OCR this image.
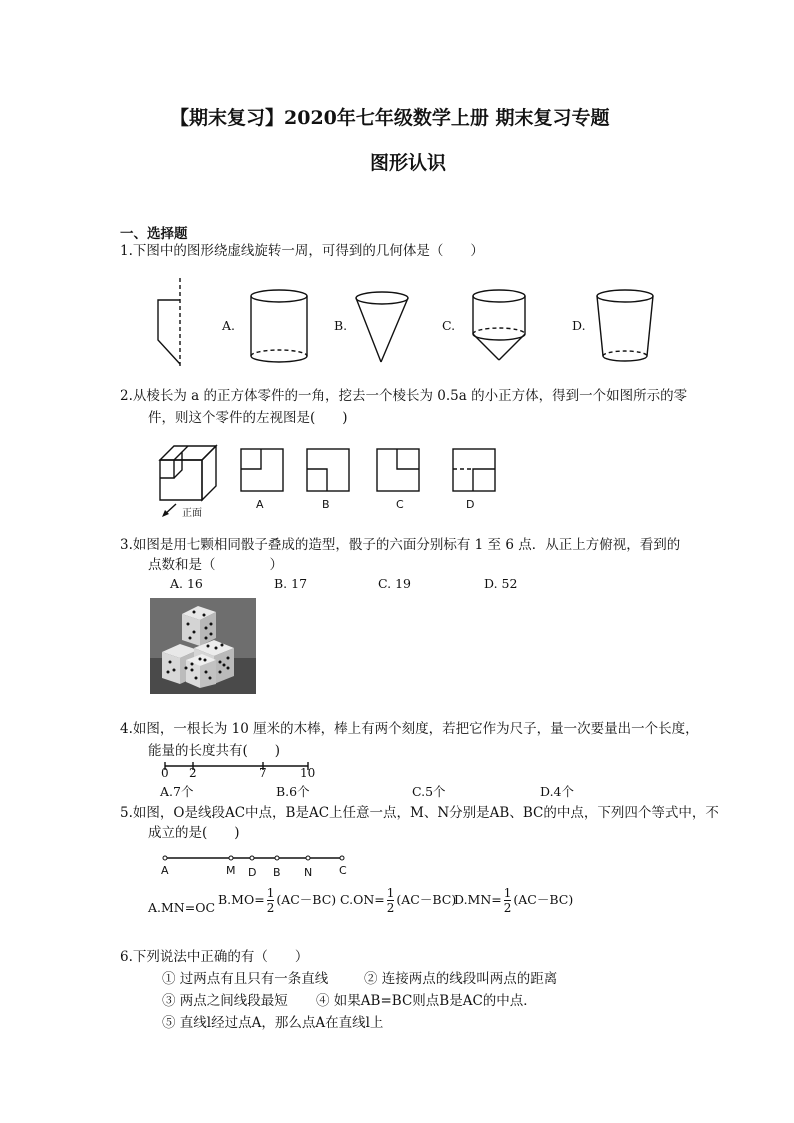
【期末复习】2020年七年级数学上册 期末复习专题
图形认识
一、选择题
1.下图中的图形绕虚线旋转一周，可得到的几何体是（　　）
A.	B.	C.	D.
2.从棱长为 a 的正方体零件的一角，挖去一个棱长为 0.5a 的小正方体，得到一个如图所示的零
件，则这个零件的左视图是(　　)
正面
A	B	C	D
3.如图是用七颗相同骰子叠成的造型，骰子的六面分别标有 1 至 6 点．从正上方俯视，看到的
点数和是（　　　　）
A. 16	B. 17	C. 19	D. 52
4.如图，一根长为 10 厘米的木棒，棒上有两个刻度，若把它作为尺子，量一次要量出一个长度，
能量的长度共有(　　)
0 2	7	10
A.7个	B.6个	C.5个	D.4个
5.如图，O是线段AC中点，B是AC上任意一点，M、N分别是AB、BC的中点，下列四个等式中，不
成立的是(　　)
A	M D B N C
A.MN=OC
$B.MO= \frac{1}{2} (AC-BC)$ $C.ON= \frac{1}{2} (AC-BC)$
$D.MN= \frac{1}{2} (AC-BC)$
6.下列说法中正确的有（　　）
① 过两点有且只有一条直线	② 连接两点的线段叫两点的距离
③ 两点之间线段最短 ④ 如果AB=BC则点B是AC的中点．
⑤ 直线l经过点A，那么点A在直线l上
